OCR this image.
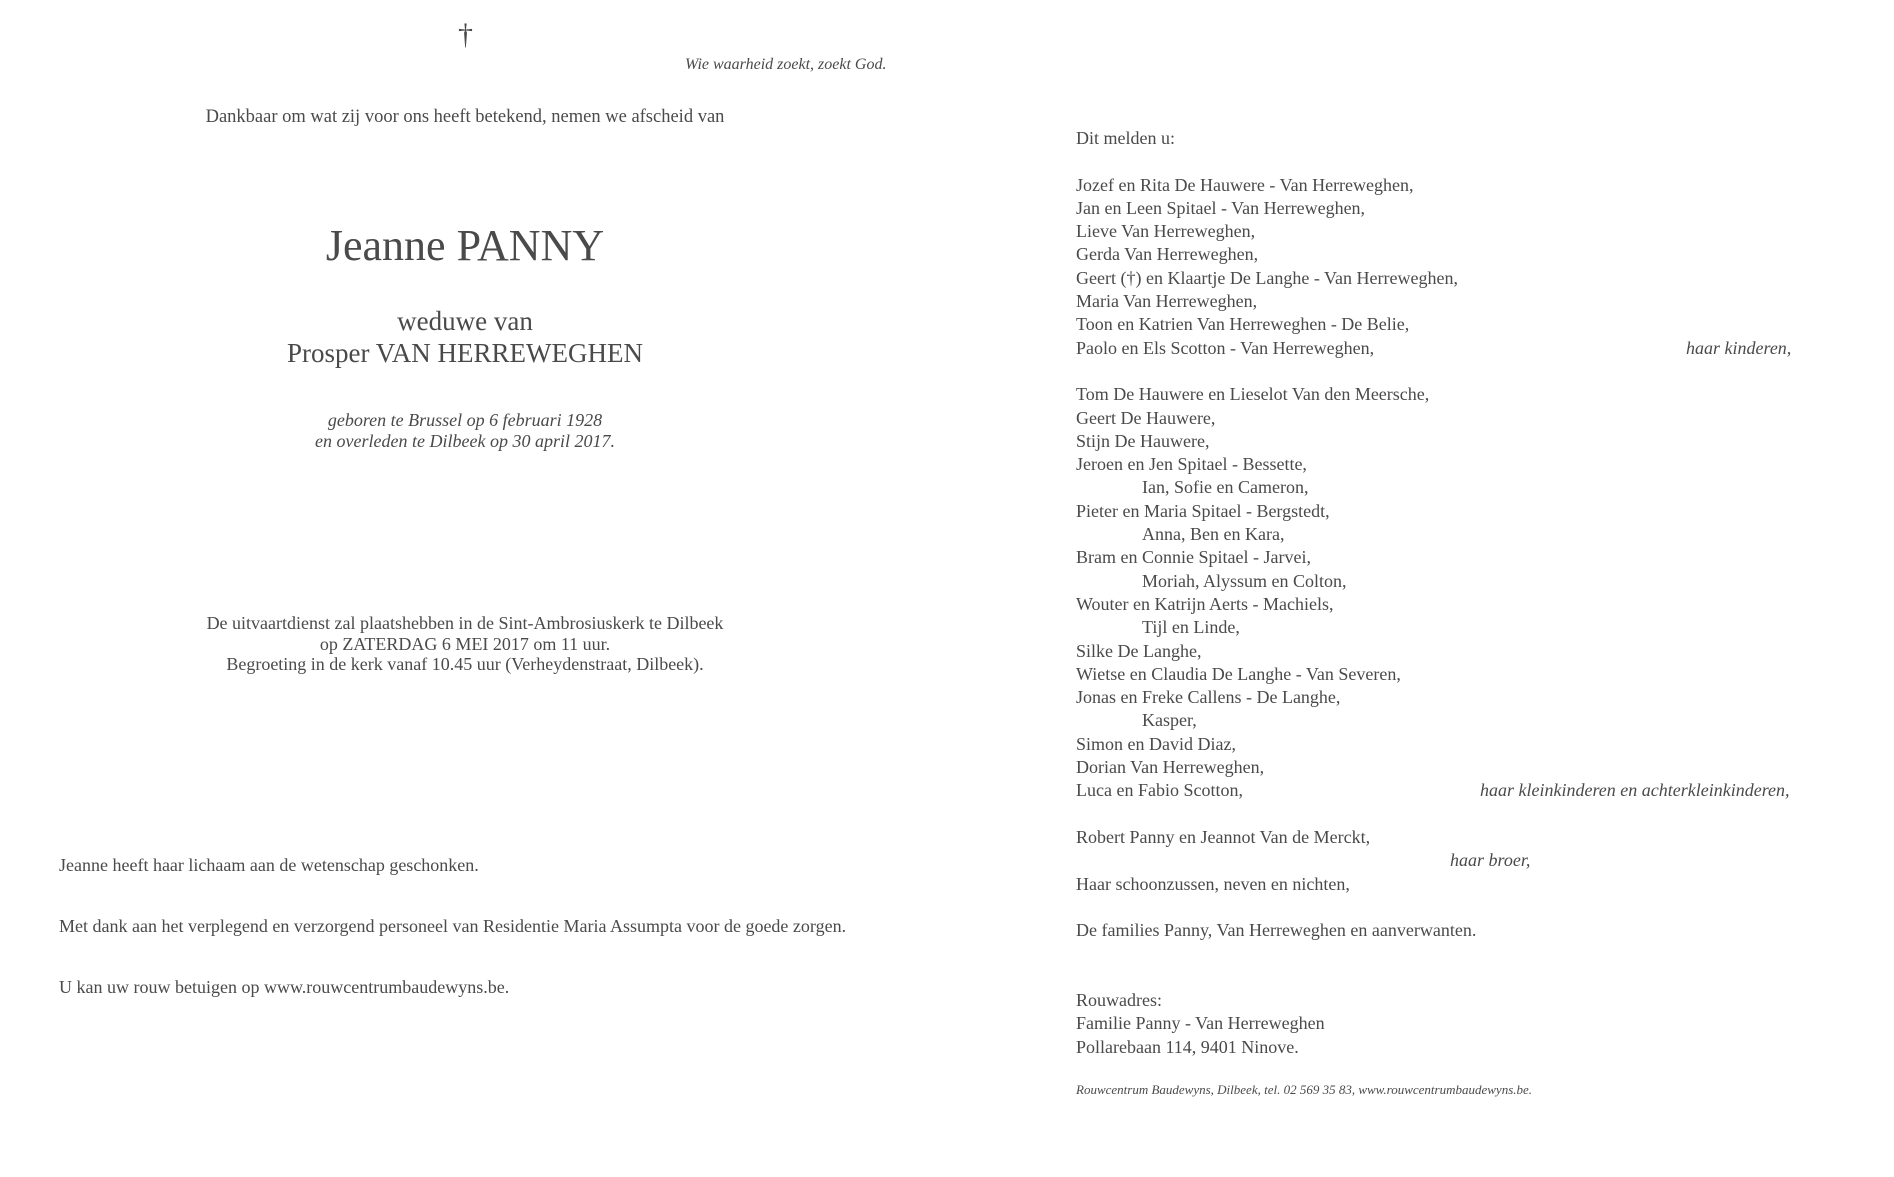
†
Wie waarheid zoekt, zoekt God.
Dankbaar om wat zij voor ons heeft betekend, nemen we afscheid van
Jeanne PANNY
weduwe van
Prosper VAN HERREWEGHEN
geboren te Brussel op 6 februari 1928
en overleden te Dilbeek op 30 april 2017.
De uitvaartdienst zal plaatshebben in de Sint-Ambrosiuskerk te Dilbeek
op ZATERDAG 6 MEI 2017 om 11 uur.
Begroeting in de kerk vanaf 10.45 uur (Verheydenstraat, Dilbeek).
Jeanne heeft haar lichaam aan de wetenschap geschonken.
Met dank aan het verplegend en verzorgend personeel van Residentie Maria Assumpta voor de goede zorgen.
U kan uw rouw betuigen op www.rouwcentrumbaudewyns.be.
Dit melden u:
Jozef en Rita De Hauwere - Van Herreweghen,
Jan en Leen Spitael - Van Herreweghen,
Lieve Van Herreweghen,
Gerda Van Herreweghen,
Geert (†) en Klaartje De Langhe - Van Herreweghen,
Maria Van Herreweghen,
Toon en Katrien Van Herreweghen - De Belie,
Paolo en Els Scotton - Van Herreweghen,	haar kinderen,
Tom De Hauwere en Lieselot Van den Meersche,
Geert De Hauwere,
Stijn De Hauwere,
Jeroen en Jen Spitael - Bessette,
Ian, Sofie en Cameron,
Pieter en Maria Spitael - Bergstedt,
Anna, Ben en Kara,
Bram en Connie Spitael - Jarvei,
Moriah, Alyssum en Colton,
Wouter en Katrijn Aerts - Machiels,
Tijl en Linde,
Silke De Langhe,
Wietse en Claudia De Langhe - Van Severen,
Jonas en Freke Callens - De Langhe,
Kasper,
Simon en David Diaz,
Dorian Van Herreweghen,
Luca en Fabio Scotton,	haar kleinkinderen en achterkleinkinderen,
Robert Panny en Jeannot Van de Merckt,
haar broer,
Haar schoonzussen, neven en nichten,
De families Panny, Van Herreweghen en aanverwanten.
Rouwadres:
Familie Panny - Van Herreweghen
Pollarebaan 114, 9401 Ninove.
Rouwcentrum Baudewyns, Dilbeek, tel. 02 569 35 83, www.rouwcentrumbaudewyns.be.
